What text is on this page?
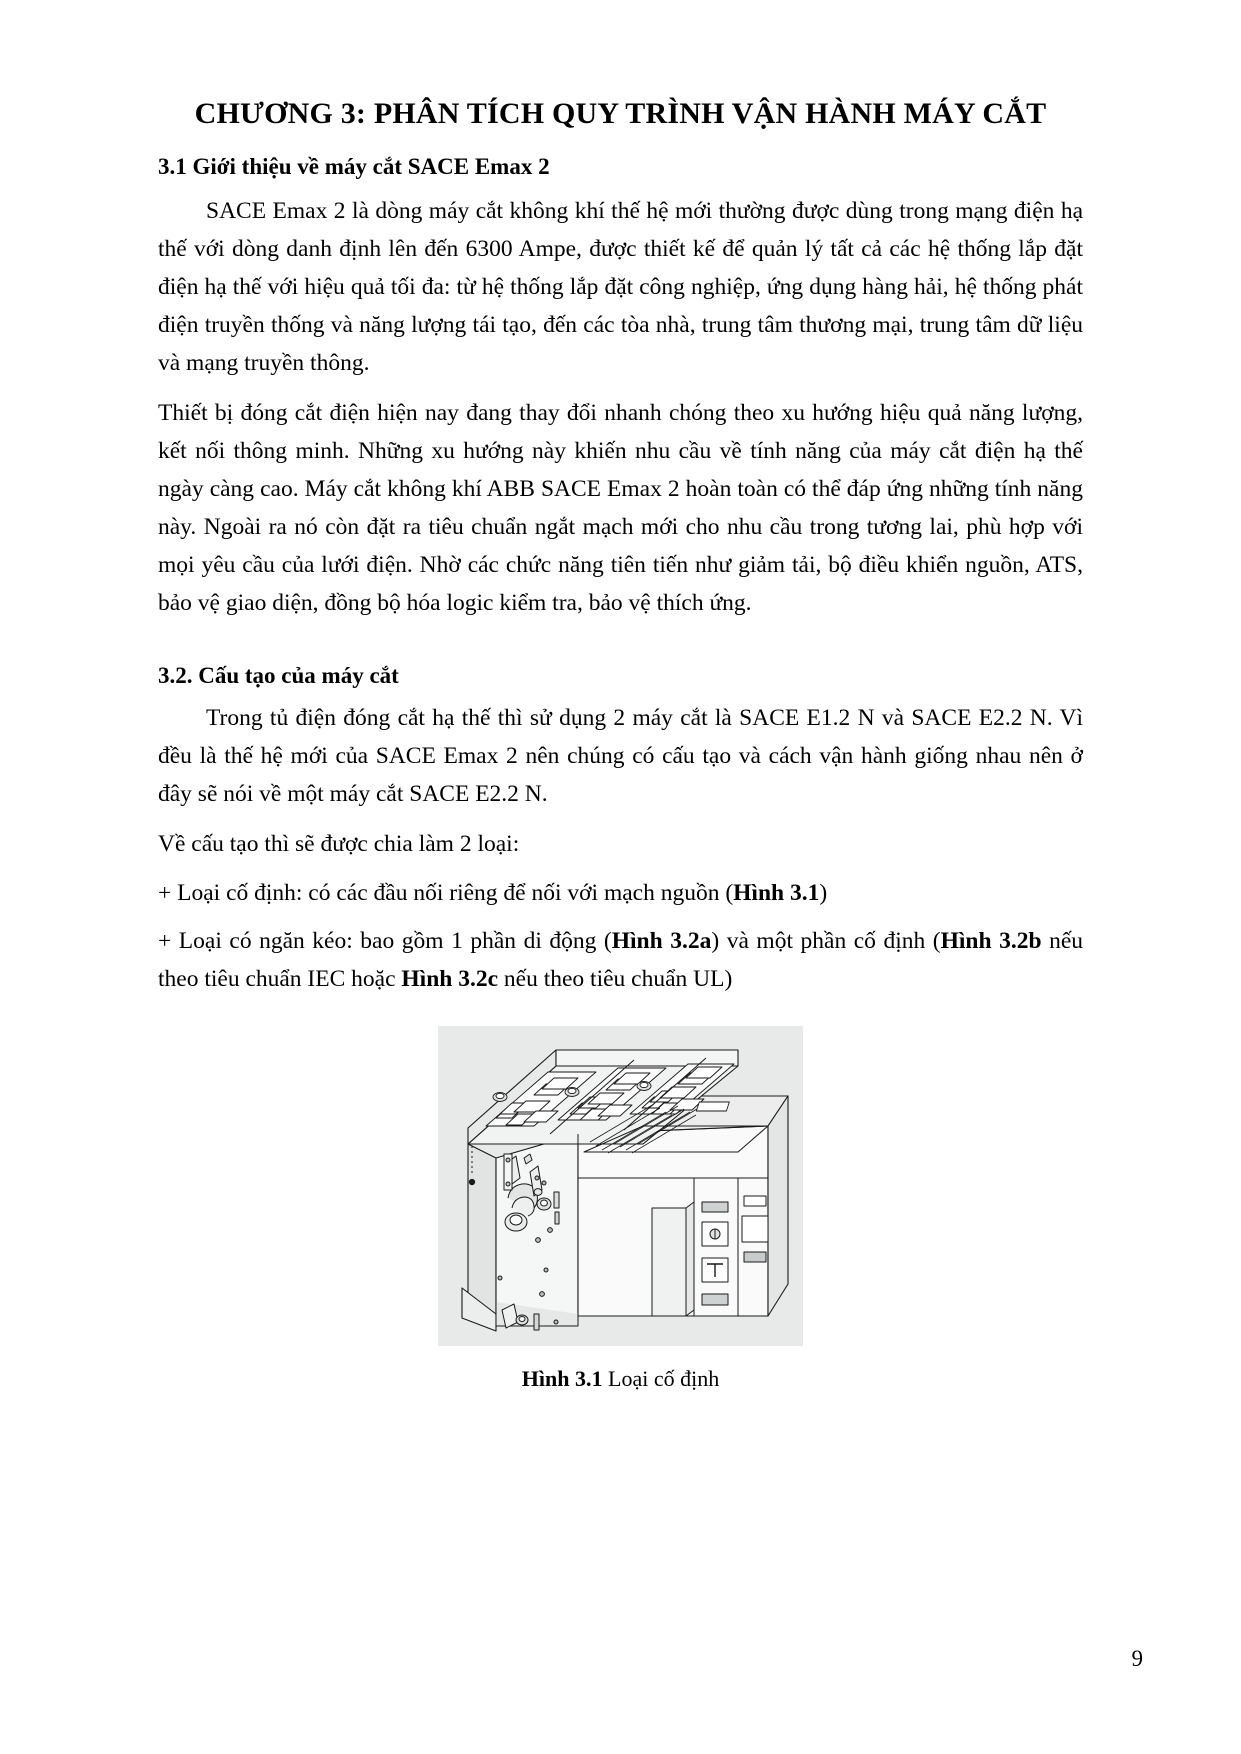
CHƯƠNG 3: PHÂN TÍCH QUY TRÌNH VẬN HÀNH MÁY CẮT
3.1 Giới thiệu về máy cắt SACE Emax 2

SACE Emax 2 là dòng máy cắt không khí thế hệ mới thường được dùng trong mạng điện hạ thế với dòng danh định lên đến 6300 Ampe, được thiết kế để quản lý tất cả các hệ thống lắp đặt điện hạ thế với hiệu quả tối đa: từ hệ thống lắp đặt công nghiệp, ứng dụng hàng hải, hệ thống phát điện truyền thống và năng lượng tái tạo, đến các tòa nhà, trung tâm thương mại, trung tâm dữ liệu và mạng truyền thông.

Thiết bị đóng cắt điện hiện nay đang thay đổi nhanh chóng theo xu hướng hiệu quả năng lượng, kết nối thông minh. Những xu hướng này khiến nhu cầu về tính năng của máy cắt điện hạ thế ngày càng cao. Máy cắt không khí ABB SACE Emax 2 hoàn toàn có thể đáp ứng những tính năng này. Ngoài ra nó còn đặt ra tiêu chuẩn ngắt mạch mới cho nhu cầu trong tương lai, phù hợp với mọi yêu cầu của lưới điện. Nhờ các chức năng tiên tiến như giảm tải, bộ điều khiển nguồn, ATS, bảo vệ giao diện, đồng bộ hóa logic kiểm tra, bảo vệ thích ứng.

3.2. Cấu tạo của máy cắt

Trong tủ điện đóng cắt hạ thế thì sử dụng 2 máy cắt là SACE E1.2 N và SACE E2.2 N. Vì đều là thế hệ mới của SACE Emax 2 nên chúng có cấu tạo và cách vận hành giống nhau nên ở đây sẽ nói về một máy cắt SACE E2.2 N.

Về cấu tạo thì sẽ được chia làm 2 loại:

+ Loại cố định: có các đầu nối riêng để nối với mạch nguồn (Hình 3.1)

+ Loại có ngăn kéo: bao gồm 1 phần di động (Hình 3.2a) và một phần cố định (Hình 3.2b nếu theo tiêu chuẩn IEC hoặc Hình 3.2c nếu theo tiêu chuẩn UL)

Hình 3.1 Loại cố định
9
